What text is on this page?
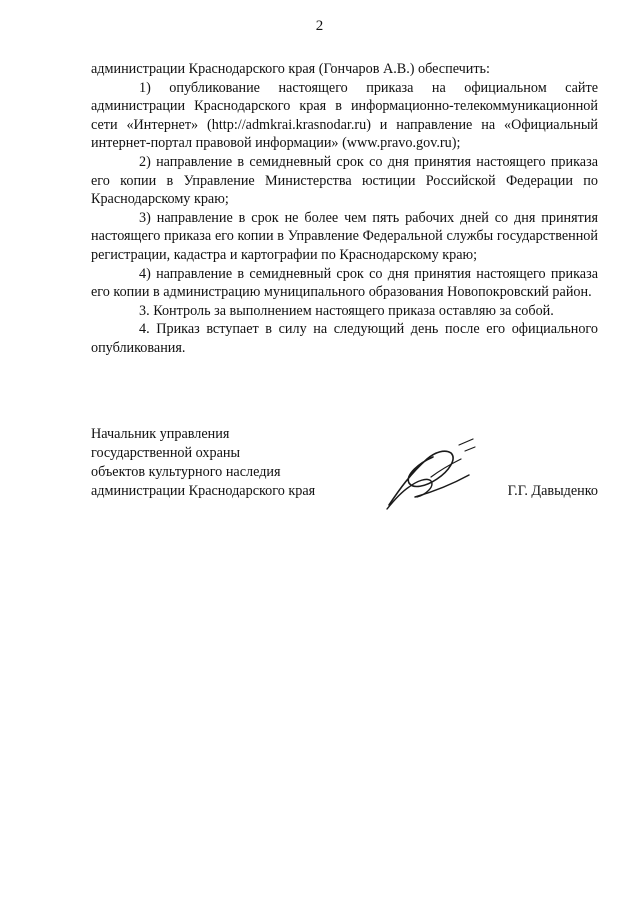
2

администрации Краснодарского края (Гончаров А.В.) обеспечить:

1) опубликование настоящего приказа на официальном сайте администрации Краснодарского края в информационно-телекоммуникационной сети «Интернет» (http://admkrai.krasnodar.ru) и направление на «Официальный интернет-портал правовой информации» (www.pravo.gov.ru);

2) направление в семидневный срок со дня принятия настоящего приказа его копии в Управление Министерства юстиции Российской Федерации по Краснодарскому краю;

3) направление в срок не более чем пять рабочих дней со дня принятия настоящего приказа его копии в Управление Федеральной службы государственной регистрации, кадастра и картографии по Краснодарскому краю;

4) направление в семидневный срок со дня принятия настоящего приказа его копии в администрацию муниципального образования Новопокровский район.

3. Контроль за выполнением настоящего приказа оставляю за собой.

4. Приказ вступает в силу на следующий день после его официального опубликования.

Начальник управления
государственной охраны
объектов культурного наследия
администрации Краснодарского края	Г.Г. Давыденко
